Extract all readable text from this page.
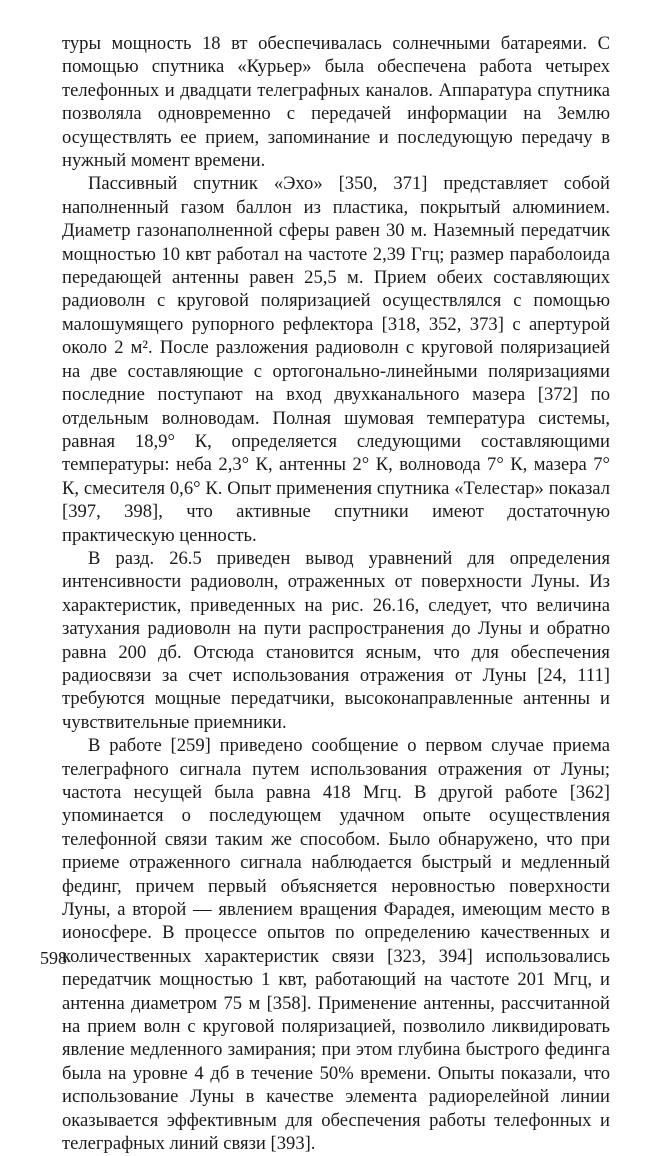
туры мощность 18 вт обеспечивалась солнечными батареями. С помощью спутника «Курьер» была обеспечена работа четырех телефонных и двадцати телеграфных каналов. Аппаратура спутника позволяла одновременно с передачей информации на Землю осуществлять ее прием, запоминание и последующую передачу в нужный момент времени.

Пассивный спутник «Эхо» [350, 371] представляет собой наполненный газом баллон из пластика, покрытый алюминием. Диаметр газонаполненной сферы равен 30 м. Наземный передатчик мощностью 10 квт работал на частоте 2,39 Ггц; размер параболоида передающей антенны равен 25,5 м. Прием обеих составляющих радиоволн с круговой поляризацией осуществлялся с помощью малошумящего рупорного рефлектора [318, 352, 373] с апертурой около 2 м². После разложения радиоволн с круговой поляризацией на две составляющие с ортогонально-линейными поляризациями последние поступают на вход двухканального мазера [372] по отдельным волноводам. Полная шумовая температура системы, равная 18,9° К, определяется следующими составляющими температуры: неба 2,3° К, антенны 2° К, волновода 7° К, мазера 7° К, смесителя 0,6° К. Опыт применения спутника «Телестар» показал [397, 398], что активные спутники имеют достаточную практическую ценность.

В разд. 26.5 приведен вывод уравнений для определения интенсивности радиоволн, отраженных от поверхности Луны. Из характеристик, приведенных на рис. 26.16, следует, что величина затухания радиоволн на пути распространения до Луны и обратно равна 200 дб. Отсюда становится ясным, что для обеспечения радиосвязи за счет использования отражения от Луны [24, 111] требуются мощные передатчики, высоконаправленные антенны и чувствительные приемники.

В работе [259] приведено сообщение о первом случае приема телеграфного сигнала путем использования отражения от Луны; частота несущей была равна 418 Мгц. В другой работе [362] упоминается о последующем удачном опыте осуществления телефонной связи таким же способом. Было обнаружено, что при приеме отраженного сигнала наблюдается быстрый и медленный фединг, причем первый объясняется неровностью поверхности Луны, а второй — явлением вращения Фарадея, имеющим место в ионосфере. В процессе опытов по определению качественных и количественных характеристик связи [323, 394] использовались передатчик мощностью 1 квт, работающий на частоте 201 Мгц, и антенна диаметром 75 м [358]. Применение антенны, рассчитанной на прием волн с круговой поляризацией, позволило ликвидировать явление медленного замирания; при этом глубина быстрого фединга была на уровне 4 дб в течение 50% времени. Опыты показали, что использование Луны в качестве элемента радиорелейной линии оказывается эффективным для обеспечения работы телефонных и телеграфных линий связи [393].

598
